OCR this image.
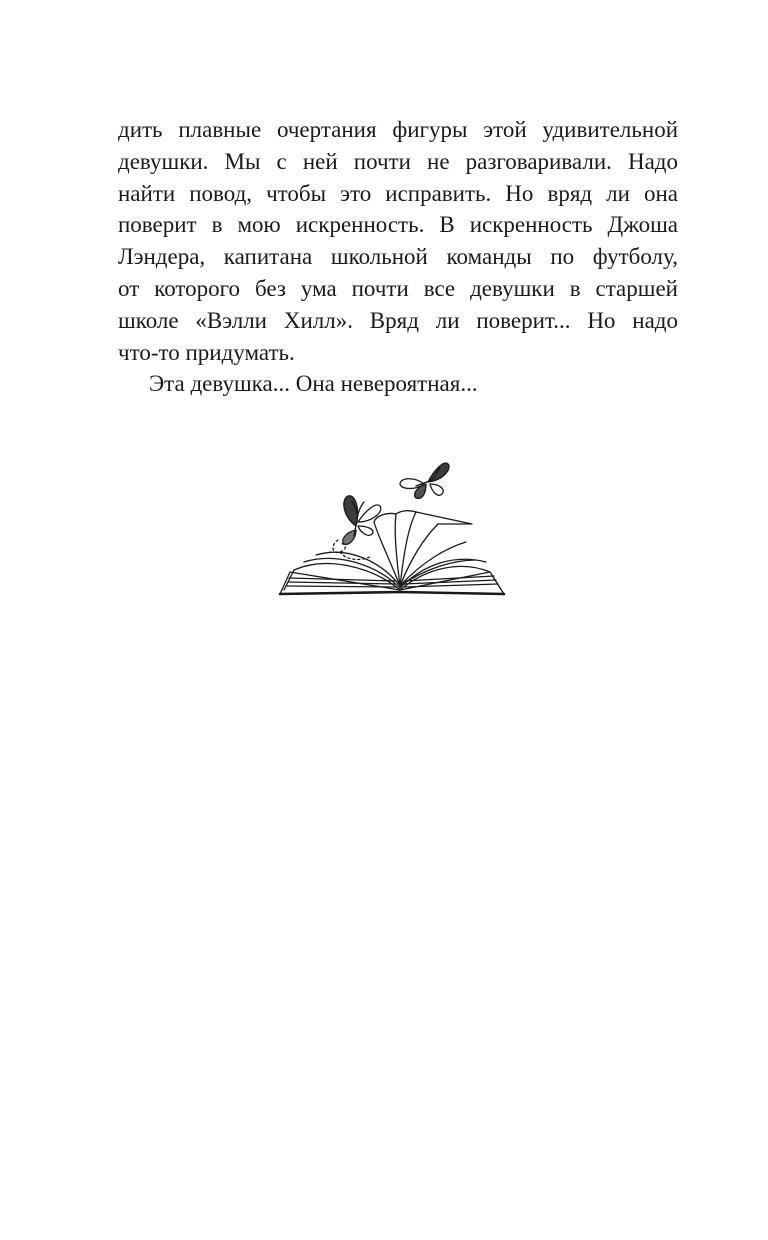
дить плавные очертания фигуры этой удивительной
девушки. Мы с ней почти не разговаривали. Надо
найти повод, чтобы это исправить. Но вряд ли она
поверит в мою искренность. В искренность Джоша
Лэндера, капитана школьной команды по футболу,
от которого без ума почти все девушки в старшей
школе «Вэлли Хилл». Вряд ли поверит... Но надо
что-то придумать.

Эта девушка... Она невероятная...
